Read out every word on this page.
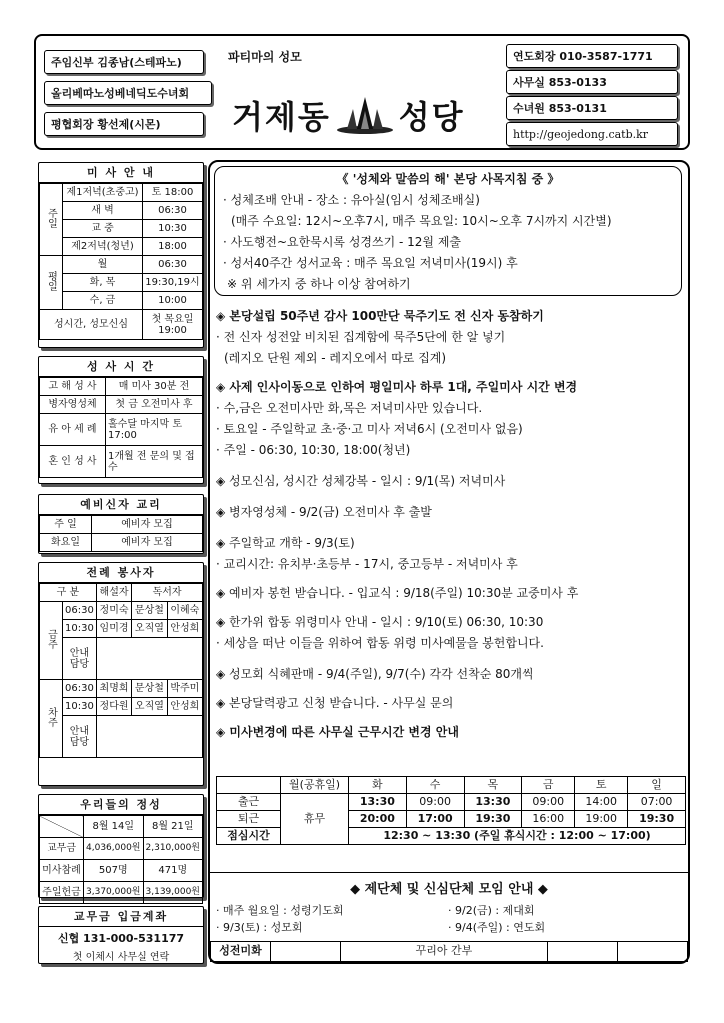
주임신부 김종남(스테파노)
올리베따노성베네딕도수녀회
평협회장 황선제(시몬)
파티마의 성모
거제동 성당
연도회장 010-3587-1771
사무실 853-0133
수녀원 853-0131
http://geojedong.catb.kr
미 사 안 내
주일	제1저녁(초중고)	토 18:00
	새 벽	06:30
	교 중	10:30
	제2저녁(청년)	18:00
평일	월	06:30
	화, 목	19:30,19시
	수, 금	10:00
성시간, 성모신심		첫 목요일 19:00
성 사 시 간
고 해 성 사	매 미사 30분 전
병자영성체	첫 금 오전미사 후
유 아 세 례	홀수달 마지막 토 17:00
혼 인 성 사	1개월 전 문의 및 접수
예비신자 교리
주 일	예비자 모집
화요일	예비자 모집
전례 봉사자
구 분		해설자	독서자	
금주	06:30	정미숙	문상철	이혜숙
	10:30	임미경	오직열	안성희
	안내담당			
차주	06:30	최명희	문상철	박주미
	10:30	정다원	오직열	안성희
	안내담당			
우리들의 정성
	8월 14일	8월 21일
교무금	4,036,000원	2,310,000원
미사참례	507명	471명
주일헌금	3,370,000원	3,139,000원
교무금 입금계좌
신협 131-000-531177
첫 이체시 사무실 연락
《 '성체와 말씀의 해' 본당 사목지침 중 》
· 성체조배 안내 - 장소 : 유아실(임시 성체조배실)
(매주 수요일: 12시~오후7시, 매주 목요일: 10시~오후 7시까지 시간별)
· 사도행전~요한묵시록 성경쓰기 - 12월 제출
· 성서40주간 성서교육 : 매주 목요일 저녁미사(19시) 후
※ 위 세가지 중 하나 이상 참여하기
◈ 본당설립 50주년 감사 100만단 묵주기도 전 신자 동참하기
· 전 신자 성전앞 비치된 집계함에 묵주5단에 한 알 넣기
(레지오 단원 제외 - 레지오에서 따로 집계)
◈ 사제 인사이동으로 인하여 평일미사 하루 1대, 주일미사 시간 변경
· 수,금은 오전미사만 화,목은 저녁미사만 있습니다.
· 토요일 - 주일학교 초·중·고 미사 저녁6시 (오전미사 없음)
· 주일 - 06:30, 10:30, 18:00(청년)
◈ 성모신심, 성시간 성체강복 - 일시 : 9/1(목) 저녁미사
◈ 병자영성체 - 9/2(금) 오전미사 후 출발
◈ 주일학교 개학 - 9/3(토)
· 교리시간: 유치부·초등부 - 17시, 중고등부 - 저녁미사 후
◈ 예비자 봉헌 받습니다. - 입교식 : 9/18(주일) 10:30분 교중미사 후
◈ 한가위 합동 위령미사 안내 - 일시 : 9/10(토) 06:30, 10:30
· 세상을 떠난 이들을 위하여 합동 위령 미사예물을 봉헌합니다.
◈ 성모회 식혜판매 - 9/4(주일), 9/7(수) 각각 선착순 80개씩
◈ 본당달력광고 신청 받습니다. - 사무실 문의
◈ 미사변경에 따른 사무실 근무시간 변경 안내
	월(공휴일)	화	수	목	금	토	일
출근	휴무	13:30	09:00	13:30	09:00	14:00	07:00
퇴근		20:00	17:00	19:30	16:00	19:00	19:30
점심시간		12:30 ~ 13:30 (주일 휴식시간 : 12:00 ~ 17:00)					
◆ 제단체 및 신심단체 모임 안내 ◆
· 매주 월요일 : 성령기도회	· 9/2(금) : 제대회
· 9/3(토) : 성모회	· 9/4(주일) : 연도회
성전미화		꾸리아 간부		
